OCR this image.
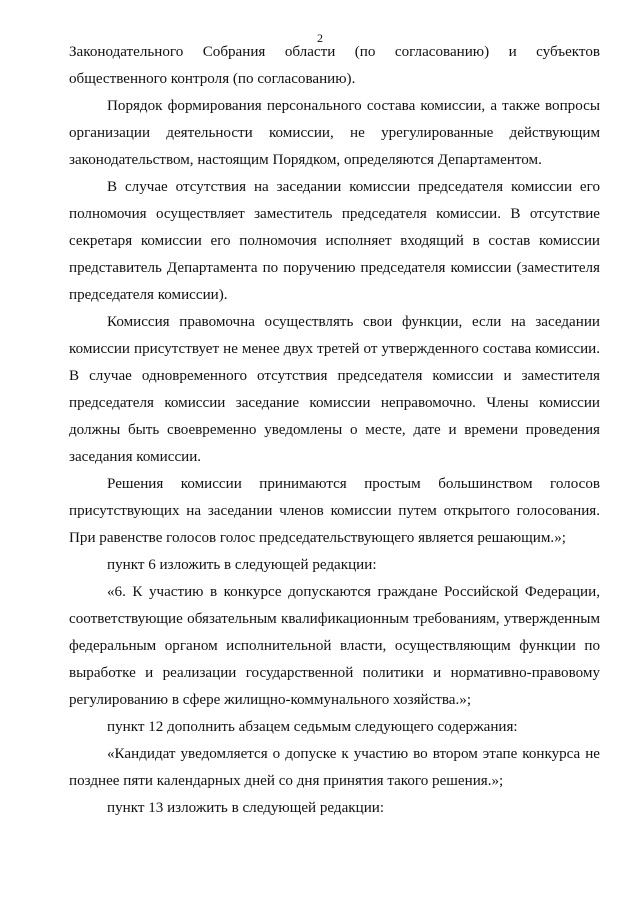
2

Законодательного Собрания области (по согласованию) и субъектов общественного контроля (по согласованию).

Порядок формирования персонального состава комиссии, а также вопросы организации деятельности комиссии, не урегулированные действующим законодательством, настоящим Порядком, определяются Департаментом.

В случае отсутствия на заседании комиссии председателя комиссии его полномочия осуществляет заместитель председателя комиссии. В отсутствие секретаря комиссии его полномочия исполняет входящий в состав комиссии представитель Департамента по поручению председателя комиссии (заместителя председателя комиссии).

Комиссия правомочна осуществлять свои функции, если на заседании комиссии присутствует не менее двух третей от утвержденного состава комиссии. В случае одновременного отсутствия председателя комиссии и заместителя председателя комиссии заседание комиссии неправомочно. Члены комиссии должны быть своевременно уведомлены о месте, дате и времени проведения заседания комиссии.

Решения комиссии принимаются простым большинством голосов присутствующих на заседании членов комиссии путем открытого голосования. При равенстве голосов голос председательствующего является решающим.»;

пункт 6 изложить в следующей редакции:

«6. К участию в конкурсе допускаются граждане Российской Федерации, соответствующие обязательным квалификационным требованиям, утвержденным федеральным органом исполнительной власти, осуществляющим функции по выработке и реализации государственной политики и нормативно-правовому регулированию в сфере жилищно-коммунального хозяйства.»;

пункт 12 дополнить абзацем седьмым следующего содержания:

«Кандидат уведомляется о допуске к участию во втором этапе конкурса не позднее пяти календарных дней со дня принятия такого решения.»;

пункт 13 изложить в следующей редакции:
